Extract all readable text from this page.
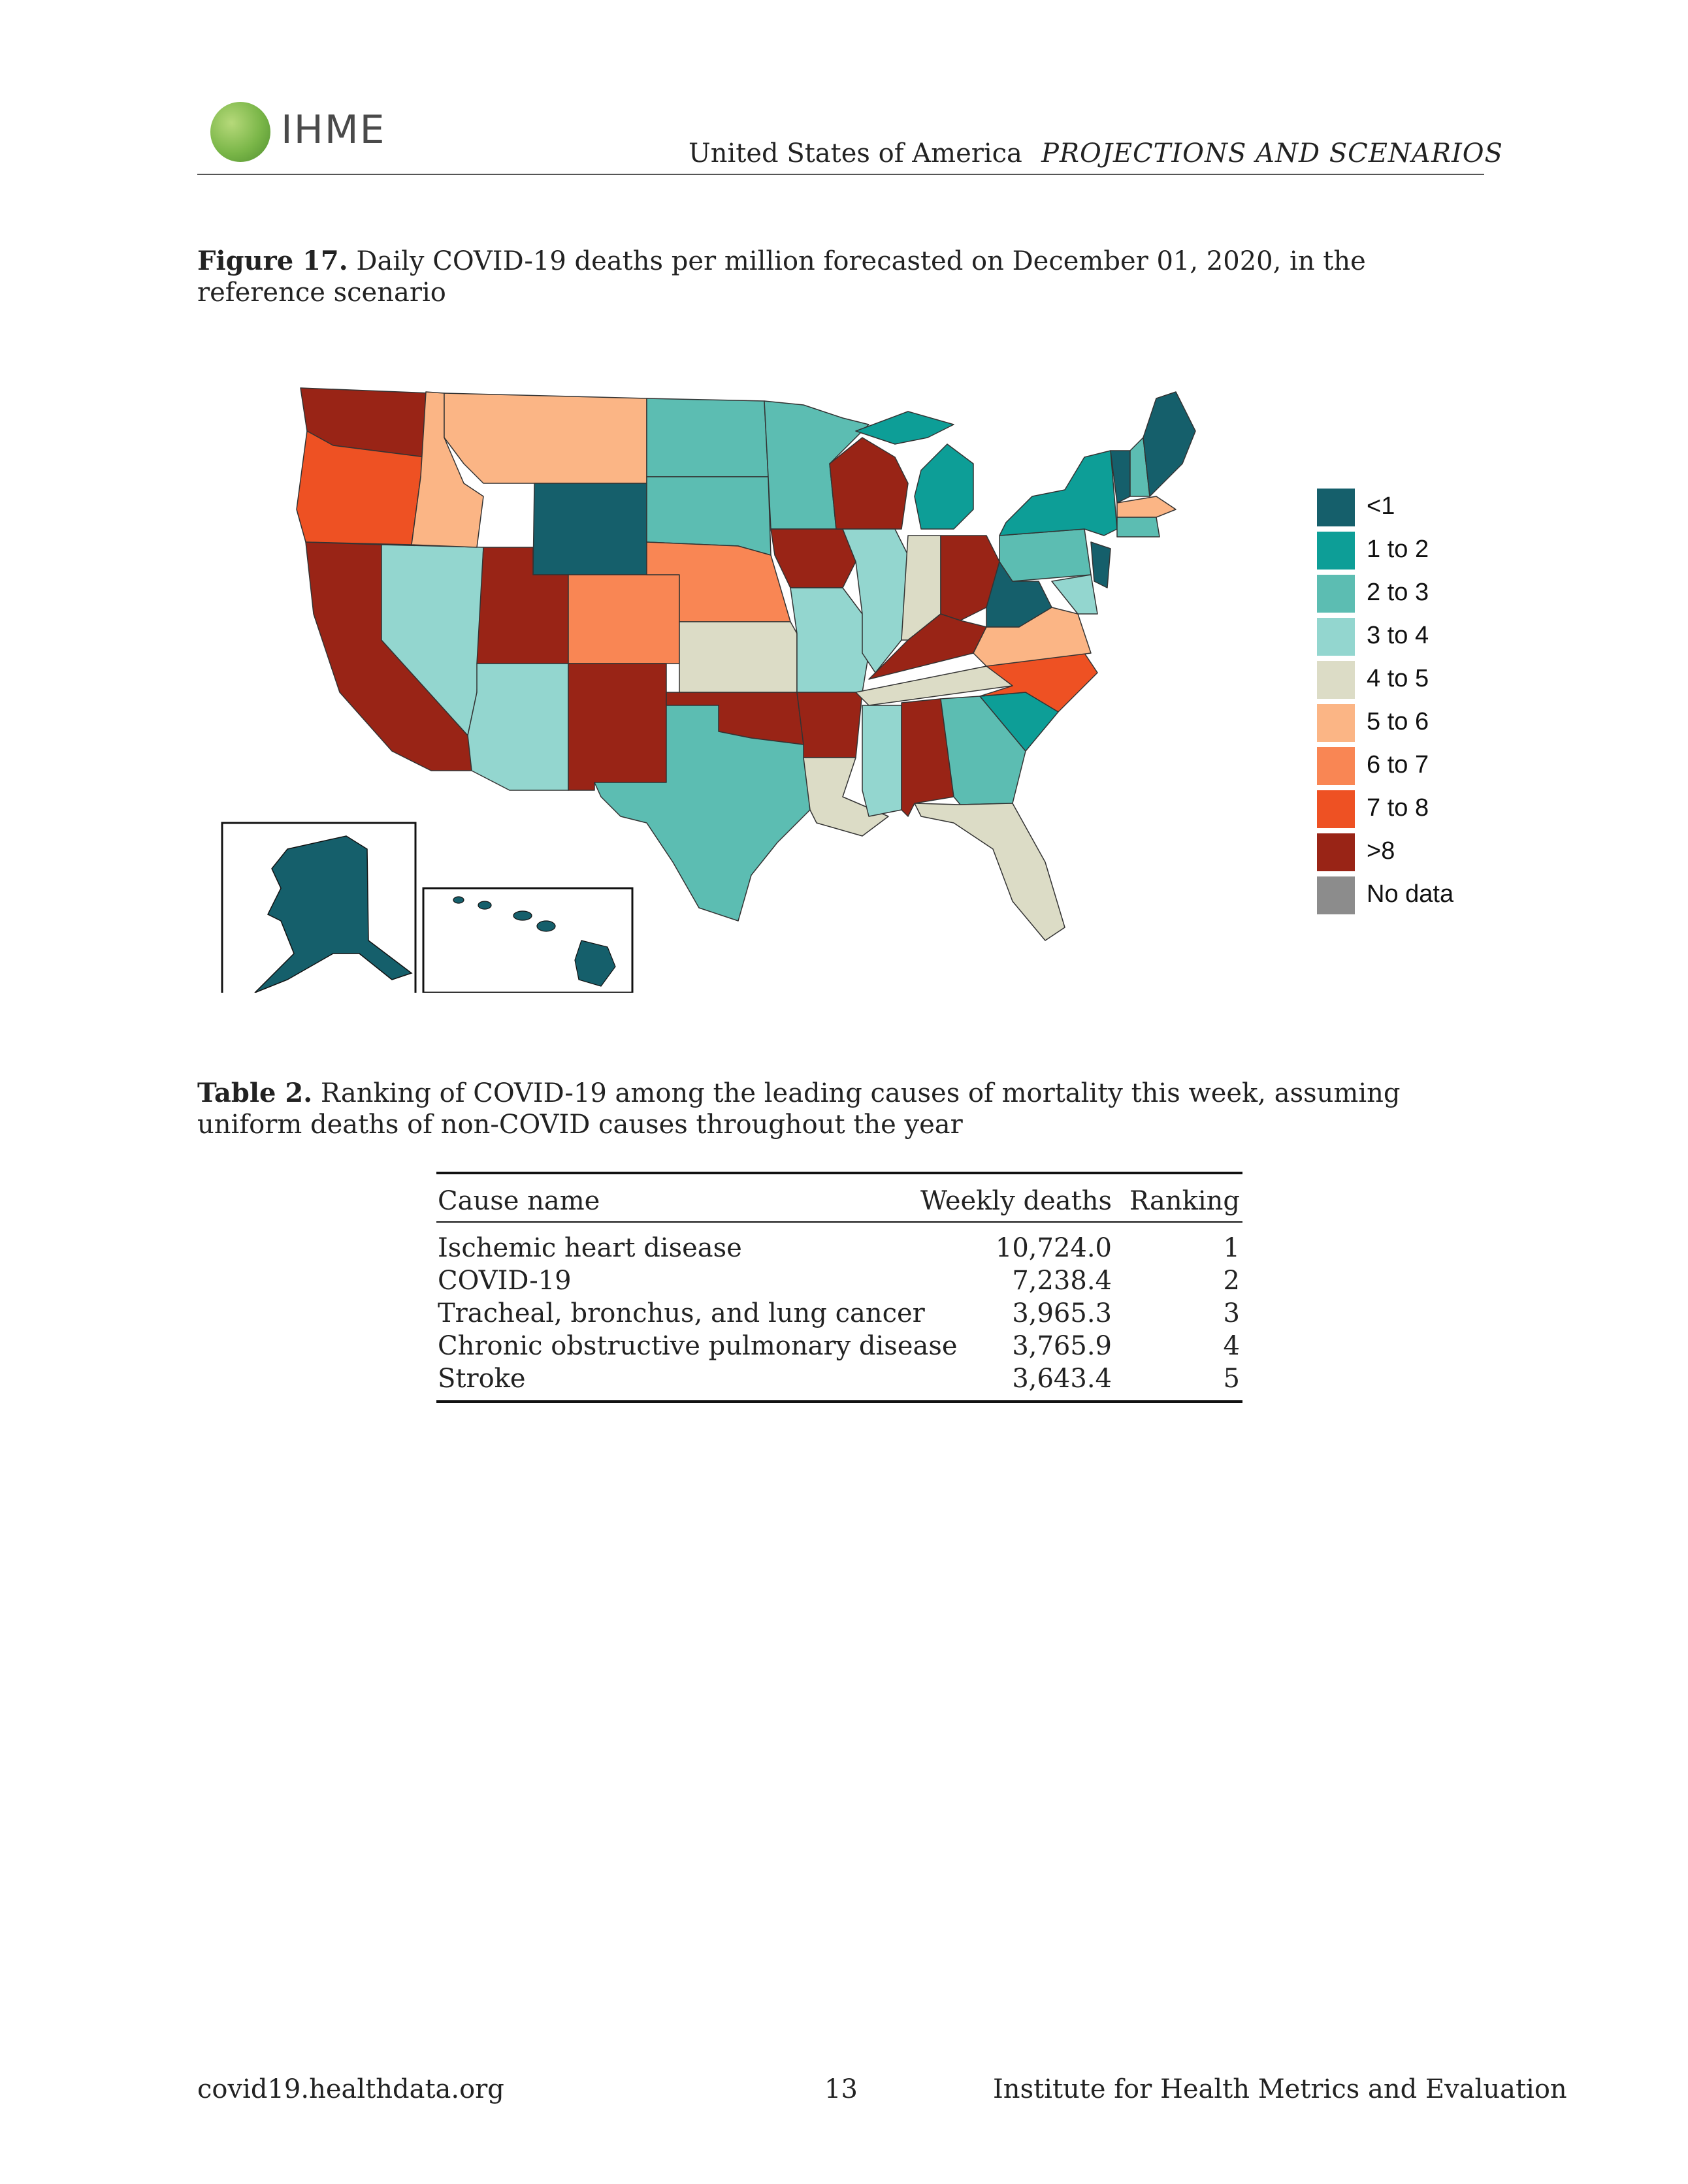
IHME
United States of America PROJECTIONS AND SCENARIOS
Figure 17. Daily COVID-19 deaths per million forecasted on December 01, 2020, in the reference scenario
<1
1 to 2
2 to 3
3 to 4
4 to 5
5 to 6
6 to 7
7 to 8
>8
No data
Table 2. Ranking of COVID-19 among the leading causes of mortality this week, assuming uniform deaths of non-COVID causes throughout the year
Cause name	Weekly deaths Ranking
Ischemic heart disease	10,724.0	1
COVID-19	7,238.4	2
Tracheal, bronchus, and lung cancer	3,965.3	3
Chronic obstructive pulmonary disease 3,765.9	4
Stroke	3,643.4	5
covid19.healthdata.org	13	Institute for Health Metrics and Evaluation
